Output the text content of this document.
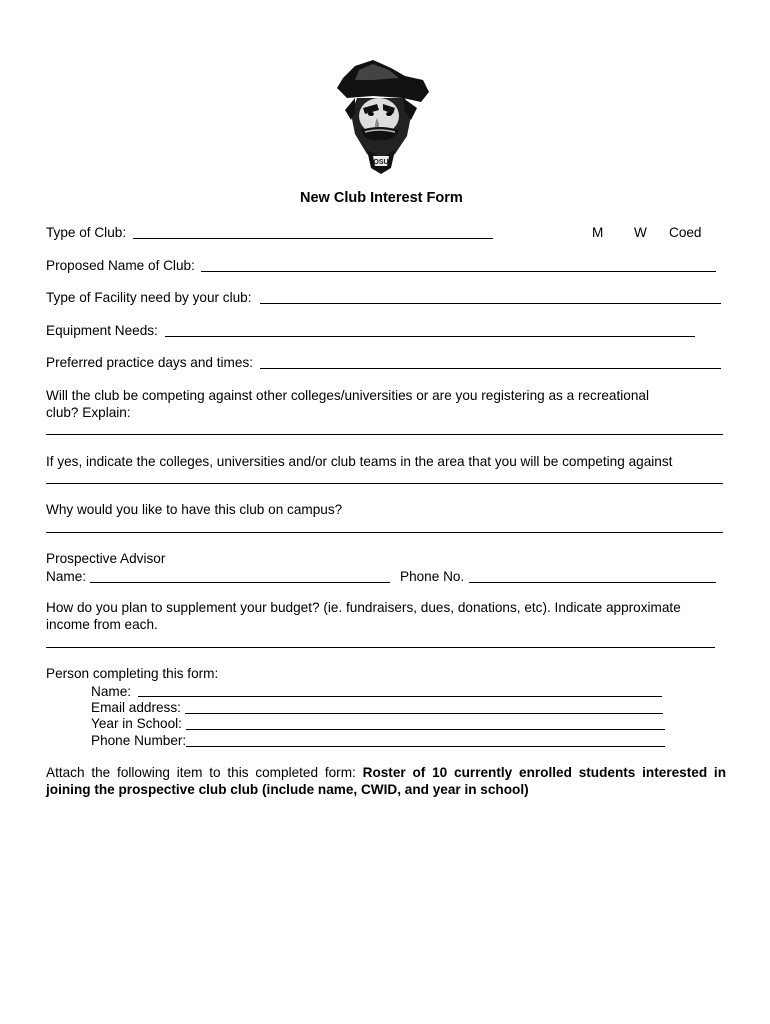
OSU
New Club Interest Form
Type of Club:	M W Coed
Proposed Name of Club:
Type of Facility need by your club:
Equipment Needs:
Preferred practice days and times:
Will the club be competing against other colleges/universities or are you registering as a recreational
club? Explain:
If yes, indicate the colleges, universities and/or club teams in the area that you will be competing against
Why would you like to have this club on campus?
Prospective Advisor
Name:	Phone No.
How do you plan to supplement your budget? (ie. fundraisers, dues, donations, etc). Indicate approximate
income from each.
Person completing this form:
Name:
Email address:
Year in School:
Phone Number:
Attach the following item to this completed form: Roster of 10 currently enrolled students interested in joining the prospective club club (include name, CWID, and year in school)
